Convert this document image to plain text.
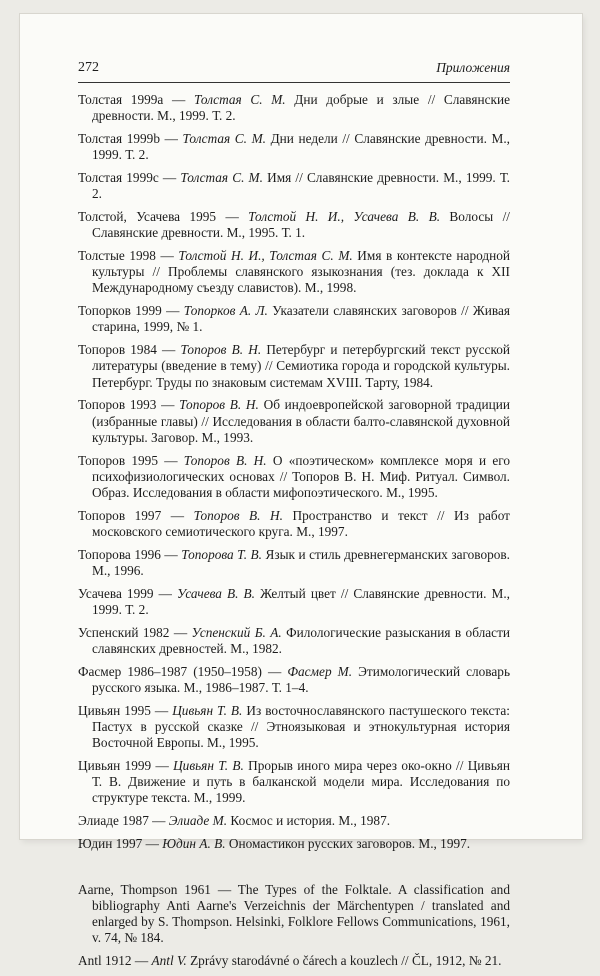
272	Приложения

Толстая 1999а — Толстая С. М. Дни добрые и злые // Славянские древности. М., 1999. Т. 2.

Толстая 1999b — Толстая С. М. Дни недели // Славянские древности. М., 1999. Т. 2.

Толстая 1999с — Толстая С. М. Имя // Славянские древности. М., 1999. Т. 2.

Толстой, Усачева 1995 — Толстой Н. И., Усачева В. В. Волосы // Славянские древности. М., 1995. Т. 1.

Толстые 1998 — Толстой Н. И., Толстая С. М. Имя в контексте народной культуры // Проблемы славянского языкознания (тез. доклада к XII Международному съезду славистов). М., 1998.

Топорков 1999 — Топорков А. Л. Указатели славянских заговоров // Живая старина, 1999, № 1.

Топоров 1984 — Топоров В. Н. Петербург и петербургский текст русской литературы (введение в тему) // Семиотика города и городской культуры. Петербург. Труды по знаковым системам XVIII. Тарту, 1984.

Топоров 1993 — Топоров В. Н. Об индоевропейской заговорной традиции (избранные главы) // Исследования в области балто-славянской духовной культуры. Заговор. М., 1993.

Топоров 1995 — Топоров В. Н. О «поэтическом» комплексе моря и его психофизиологических основах // Топоров В. Н. Миф. Ритуал. Символ. Образ. Исследования в области мифопоэтического. М., 1995.

Топоров 1997 — Топоров В. Н. Пространство и текст // Из работ московского семиотического круга. М., 1997.

Топорова 1996 — Топорова Т. В. Язык и стиль древнегерманских заговоров. М., 1996.

Усачева 1999 — Усачева В. В. Желтый цвет // Славянские древности. М., 1999. Т. 2.

Успенский 1982 — Успенский Б. А. Филологические разыскания в области славянских древностей. М., 1982.

Фасмер 1986–1987 (1950–1958) — Фасмер М. Этимологический словарь русского языка. М., 1986–1987. Т. 1–4.

Цивьян 1995 — Цивьян Т. В. Из восточнославянского пастушеского текста: Пастух в русской сказке // Этноязыковая и этнокультурная история Восточной Европы. М., 1995.

Цивьян 1999 — Цивьян Т. В. Прорыв иного мира через око-окно // Цивьян Т. В. Движение и путь в балканской модели мира. Исследования по структуре текста. М., 1999.

Элиаде 1987 — Элиаде М. Космос и история. М., 1987.

Юдин 1997 — Юдин А. В. Ономастикон русских заговоров. М., 1997.

Aarne, Thompson 1961 — The Types of the Folktale. A classification and bibliography Anti Aarne's Verzeichnis der Märchentypen / translated and enlarged by S. Thompson. Helsinki, Folklore Fellows Communications, 1961, v. 74, № 184.

Antl 1912 — Antl V. Zprávy starodávné o čárech a kouzlech // ČL, 1912, № 21.
